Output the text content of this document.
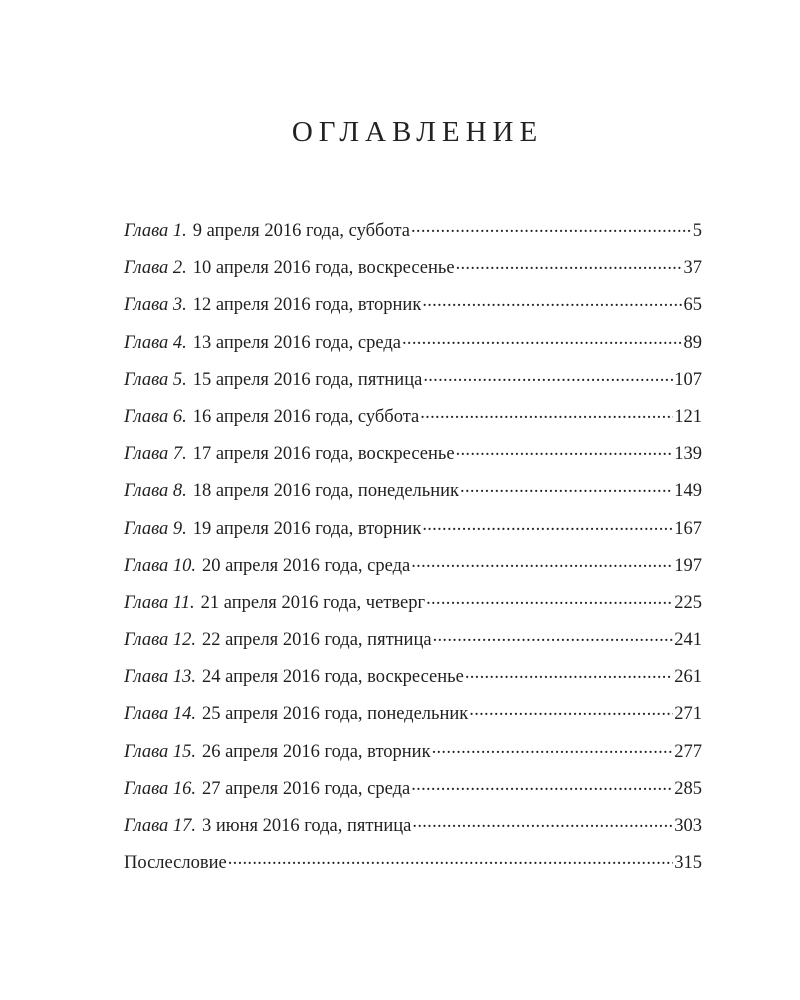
ОГЛАВЛЕНИЕ
Глава 1. 9 апреля 2016 года, суббота .....	5
Глава 2. 10 апреля 2016 года, воскресенье .....	37
Глава 3. 12 апреля 2016 года, вторник .....	65
Глава 4. 13 апреля 2016 года, среда .....	89
Глава 5. 15 апреля 2016 года, пятница .....	107
Глава 6. 16 апреля 2016 года, суббота .....	121
Глава 7. 17 апреля 2016 года, воскресенье .....	139
Глава 8. 18 апреля 2016 года, понедельник .....	149
Глава 9. 19 апреля 2016 года, вторник .....	167
Глава 10. 20 апреля 2016 года, среда .....	197
Глава 11. 21 апреля 2016 года, четверг .....	225
Глава 12. 22 апреля 2016 года, пятница .....	241
Глава 13. 24 апреля 2016 года, воскресенье .....	261
Глава 14. 25 апреля 2016 года, понедельник .....	271
Глава 15. 26 апреля 2016 года, вторник .....	277
Глава 16. 27 апреля 2016 года, среда .....	285
Глава 17. 3 июня 2016 года, пятница .....	303
Послесловие .....	315
